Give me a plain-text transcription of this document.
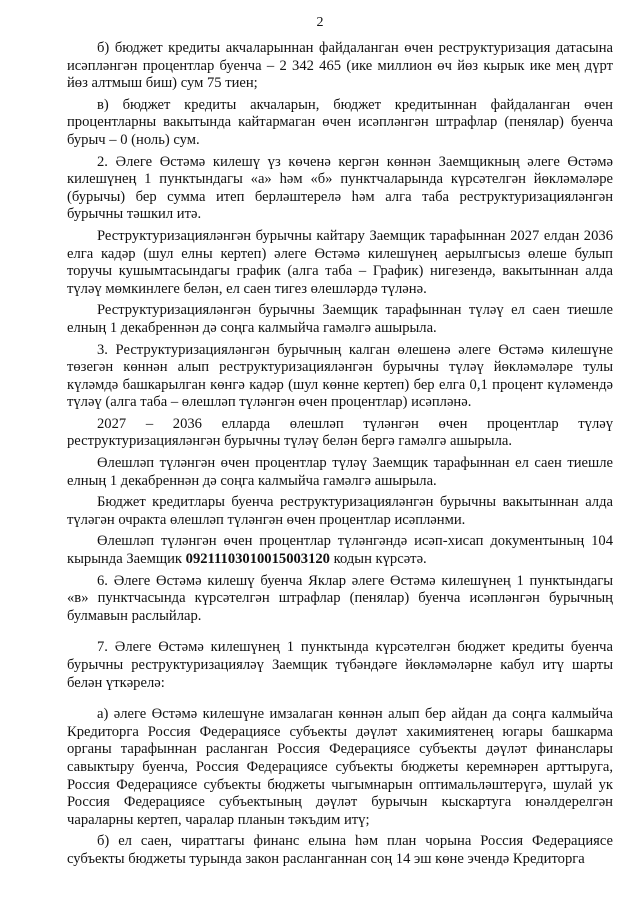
2

б) бюджет кредиты акчаларыннан файдаланган өчен реструктуризация датасына исәпләнгән процентлар буенча – 2 342 465 (ике миллион өч йөз кырык ике мең дүрт йөз алтмыш биш) сум 75 тиен;

в) бюджет кредиты акчаларын, бюджет кредитыннан файдаланган өчен процентларны вакытында кайтармаган өчен исәпләнгән штрафлар (пенялар) буенча бурыч – 0 (ноль) сум.

2. Әлеге Өстәмә килешү үз көченә кергән көннән Заемщикның әлеге Өстәмә килешүнең 1 пунктындагы «а» һәм «б» пунктчаларында күрсәтелгән йөкләмәләре (бурычы) бер сумма итеп берләштерелә һәм алга таба реструктуризацияләнгән бурычны тәшкил итә.

Реструктуризацияләнгән бурычны кайтару Заемщик тарафыннан 2027 елдан 2036 елга кадәр (шул елны кертеп) әлеге Өстәмә килешүнең аерылгысыз өлеше булып торучы кушымтасындагы график (алга таба – График) нигезендә, вакытыннан алда түләү мөмкинлеге белән, ел саен тигез өлешләрдә түләнә.

Реструктуризацияләнгән бурычны Заемщик тарафыннан түләү ел саен тиешле елның 1 декабреннән дә соңга калмыйча гамәлгә ашырыла.

3. Реструктуризацияләнгән бурычның калган өлешенә әлеге Өстәмә килешүне төзегән көннән алып реструктуризацияләнгән бурычны түләү йөкләмәләре тулы күләмдә башкарылган көнгә кадәр (шул көнне кертеп) бер елга 0,1 процент күләмендә түләү (алга таба – өлешләп түләнгән өчен процентлар) исәпләнә.

2027 – 2036 елларда өлешләп түләнгән өчен процентлар түләү реструктуризацияләнгән бурычны түләү белән бергә гамәлгә ашырыла.

Өлешләп түләнгән өчен процентлар түләү Заемщик тарафыннан ел саен тиешле елның 1 декабреннән дә соңга калмыйча гамәлгә ашырыла.

Бюджет кредитлары буенча реструктуризацияләнгән бурычны вакытыннан алда түләгән очракта өлешләп түләнгән өчен процентлар исәпләнми.

Өлешләп түләнгән өчен процентлар түләнгәндә исәп-хисап документының 104 кырында Заемщик 09211103010015003120 кодын күрсәтә.

6. Әлеге Өстәмә килешү буенча Яклар әлеге Өстәмә килешүнең 1 пунктындагы «в» пунктчасында күрсәтелгән штрафлар (пенялар) буенча исәпләнгән бурычның булмавын раслыйлар.

7. Әлеге Өстәмә килешүнең 1 пунктында күрсәтелгән бюджет кредиты буенча бурычны реструктуризацияләү Заемщик түбәндәге йөкләмәләрне кабул итү шарты белән үткәрелә:

а) әлеге Өстәмә килешүне имзалаган көннән алып бер айдан да соңга калмыйча Кредиторга Россия Федерациясе субъекты дәүләт хакимиятенең югары башкарма органы тарафыннан расланган Россия Федерациясе субъекты дәүләт финанслары савыктыру буенча, Россия Федерациясе субъекты бюджеты керемнәрен арттыруга, Россия Федерациясе субъекты бюджеты чыгымнарын оптимальләштерүгә, шулай ук Россия Федерациясе субъектының дәүләт бурычын кыскартуга юнәлдерелгән чараларны кертеп, чаралар планын тәкъдим итү;

б) ел саен, чираттагы финанс елына һәм план чорына Россия Федерациясе субъекты бюджеты турында закон расланганнан соң 14 эш көне эчендә Кредиторга
